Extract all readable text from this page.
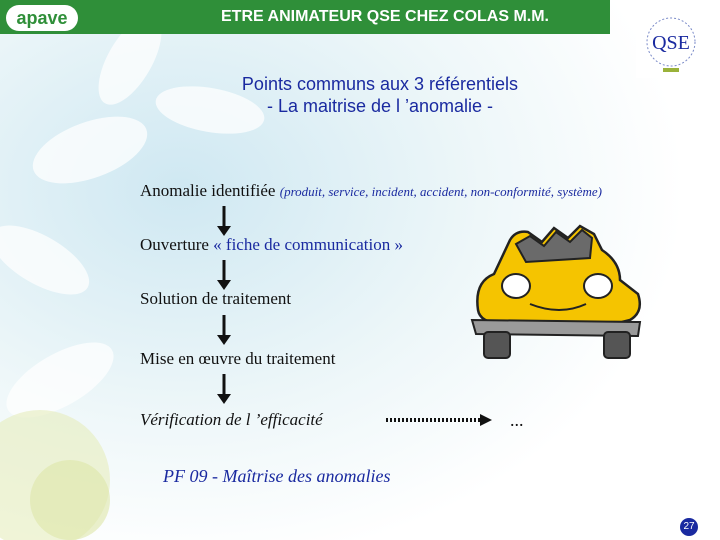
apave	ETRE ANIMATEUR QSE CHEZ COLAS M.M.
QSE
Points communs aux 3 référentiels
- La maitrise de l ’anomalie -
Anomalie identifiée (produit, service, incident, accident, non-conformité, système)
Ouverture « fiche de communication »
Solution de traitement
Mise en œuvre du traitement
Vérification de l ’efficacité	...
PF 09 - Maîtrise des anomalies
27
